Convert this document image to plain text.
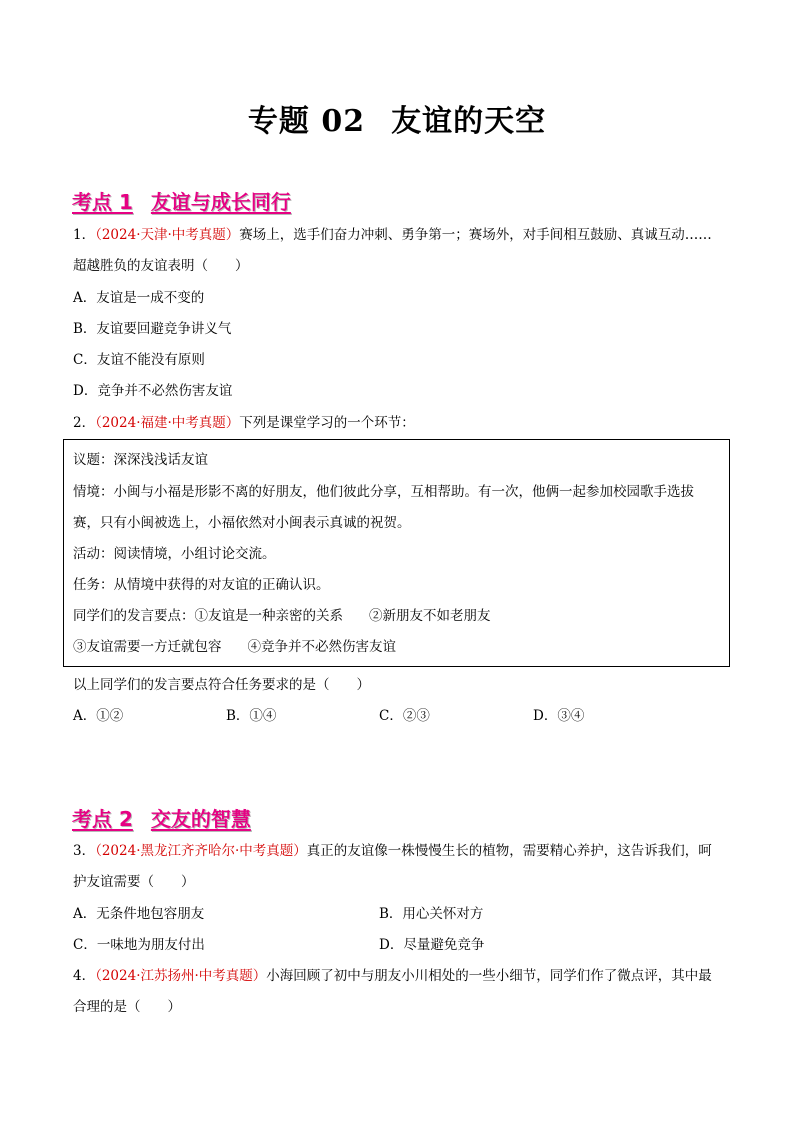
专题 02 友谊的天空
考点 1 友谊与成长同行
1．（2024·天津·中考真题）赛场上，选手们奋力冲刺、勇争第一；赛场外，对手间相互鼓励、真诚互动……
超越胜负的友谊表明（　　）
A．友谊是一成不变的
B．友谊要回避竞争讲义气
C．友谊不能没有原则
D．竞争并不必然伤害友谊
2．（2024·福建·中考真题）下列是课堂学习的一个环节：
议题：深深浅浅话友谊
情境：小闽与小福是形影不离的好朋友，他们彼此分享，互相帮助。有一次，他俩一起参加校园歌手选拔
赛，只有小闽被选上，小福依然对小闽表示真诚的祝贺。
活动：阅读情境，小组讨论交流。
任务：从情境中获得的对友谊的正确认识。
同学们的发言要点：①友谊是一种亲密的关系 ②新朋友不如老朋友
③友谊需要一方迁就包容 ④竞争并不必然伤害友谊
以上同学们的发言要点符合任务要求的是（　　）
A．①②	B．①④	C．②③	D．③④
考点 2 交友的智慧
3．（2024·黑龙江齐齐哈尔·中考真题）真正的友谊像一株慢慢生长的植物，需要精心养护，这告诉我们，呵
护友谊需要（　　）
A．无条件地包容朋友	B．用心关怀对方
C．一味地为朋友付出	D．尽量避免竞争
4．（2024·江苏扬州·中考真题）小海回顾了初中与朋友小川相处的一些小细节，同学们作了微点评，其中最
合理的是（　　）
